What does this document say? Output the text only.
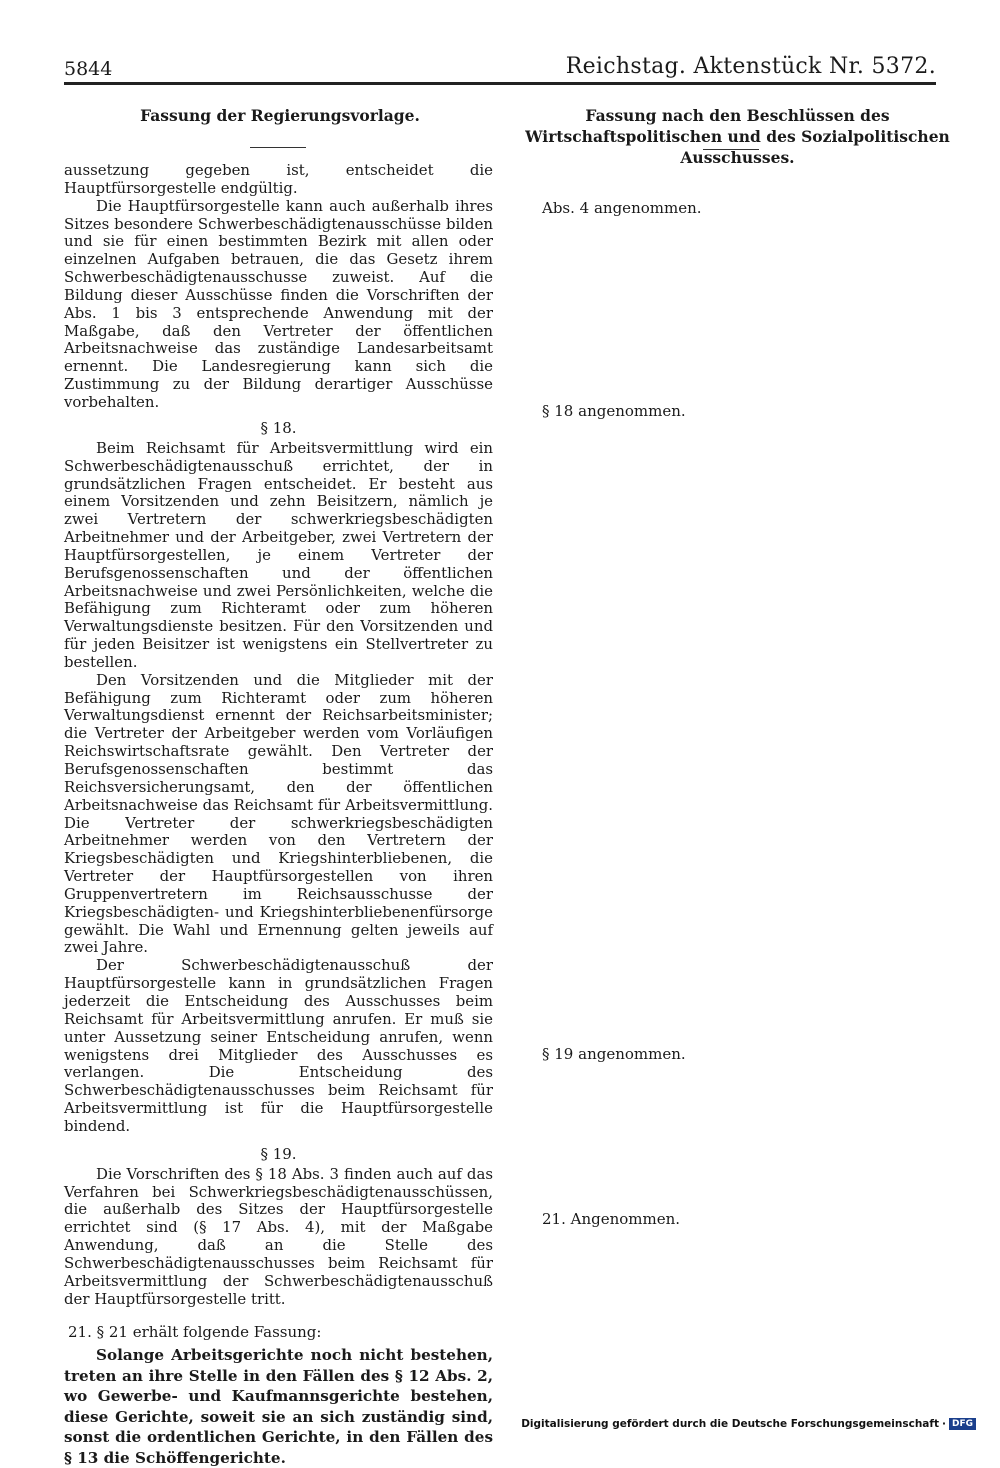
5844	Reichstag. Aktenstück Nr. 5372.
Fassung der Regierungsvorlage.	Fassung nach den Beschlüssen des Wirtschaftspolitischen und des Sozialpolitischen Ausschusses.

aussetzung gegeben ist, entscheidet die Hauptfürsorgestelle endgültig.

Die Hauptfürsorgestelle kann auch außerhalb ihres Sitzes besondere Schwerbeschädigtenausschüsse bilden und sie für einen bestimmten Bezirk mit allen oder einzelnen Aufgaben betrauen, die das Gesetz ihrem Schwerbeschädigtenausschusse zuweist. Auf die Bildung dieser Ausschüsse finden die Vorschriften der Abs. 1 bis 3 entsprechende Anwendung mit der Maßgabe, daß den Vertreter der öffentlichen Arbeitsnachweise das zuständige Landesarbeitsamt ernennt. Die Landesregierung kann sich die Zustimmung zu der Bildung derartiger Ausschüsse vorbehalten.

§ 18.

Beim Reichsamt für Arbeitsvermittlung wird ein Schwerbeschädigtenausschuß errichtet, der in grundsätzlichen Fragen entscheidet. Er besteht aus einem Vorsitzenden und zehn Beisitzern, nämlich je zwei Vertretern der schwerkriegsbeschädigten Arbeitnehmer und der Arbeitgeber, zwei Vertretern der Hauptfürsorgestellen, je einem Vertreter der Berufsgenossenschaften und der öffentlichen Arbeitsnachweise und zwei Persönlichkeiten, welche die Befähigung zum Richteramt oder zum höheren Verwaltungsdienste besitzen. Für den Vorsitzenden und für jeden Beisitzer ist wenigstens ein Stellvertreter zu bestellen.

Den Vorsitzenden und die Mitglieder mit der Befähigung zum Richteramt oder zum höheren Verwaltungsdienst ernennt der Reichsarbeitsminister; die Vertreter der Arbeitgeber werden vom Vorläufigen Reichswirtschaftsrate gewählt. Den Vertreter der Berufsgenossenschaften bestimmt das Reichsversicherungsamt, den der öffentlichen Arbeitsnachweise das Reichsamt für Arbeitsvermittlung. Die Vertreter der schwerkriegsbeschädigten Arbeitnehmer werden von den Vertretern der Kriegsbeschädigten und Kriegshinterbliebenen, die Vertreter der Hauptfürsorgestellen von ihren Gruppenvertretern im Reichsausschusse der Kriegsbeschädigten- und Kriegshinterbliebenenfürsorge gewählt. Die Wahl und Ernennung gelten jeweils auf zwei Jahre.

Der Schwerbeschädigtenausschuß der Hauptfürsorgestelle kann in grundsätzlichen Fragen jederzeit die Entscheidung des Ausschusses beim Reichsamt für Arbeitsvermittlung anrufen. Er muß sie unter Aussetzung seiner Entscheidung anrufen, wenn wenigstens drei Mitglieder des Ausschusses es verlangen. Die Entscheidung des Schwerbeschädigtenausschusses beim Reichsamt für Arbeitsvermittlung ist für die Hauptfürsorgestelle bindend.

§ 19.

Die Vorschriften des § 18 Abs. 3 finden auch auf das Verfahren bei Schwerkriegsbeschädigtenausschüssen, die außerhalb des Sitzes der Hauptfürsorgestelle errichtet sind (§ 17 Abs. 4), mit der Maßgabe Anwendung, daß an die Stelle des Schwerbeschädigtenausschusses beim Reichsamt für Arbeitsvermittlung der Schwerbeschädigtenausschuß der Hauptfürsorgestelle tritt.

21. § 21 erhält folgende Fassung:

Solange Arbeitsgerichte noch nicht bestehen, treten an ihre Stelle in den Fällen des § 12 Abs. 2, wo Gewerbe- und Kaufmannsgerichte bestehen, diese Gerichte, soweit sie an sich zuständig sind, sonst die ordentlichen Gerichte, in den Fällen des § 13 die Schöffengerichte.

Abs. 4 angenommen.
§ 18 angenommen.
§ 19 angenommen.
21. Angenommen.
Digitalisierung gefördert durch die Deutsche Forschungsgemeinschaft · DFG
